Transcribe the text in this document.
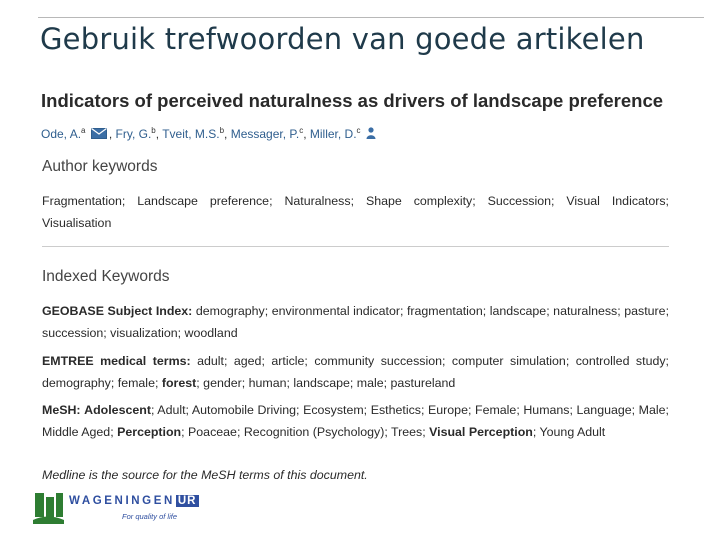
Gebruik trefwoorden van goede artikelen
Indicators of perceived naturalness as drivers of landscape preference
Ode, A.$^a$ , Fry, G.$^b$, Tveit, M.S.$^b$, Messager, P.$^c$, Miller, D.$^c$
Author keywords
Fragmentation; Landscape preference; Naturalness; Shape complexity; Succession; Visual Indicators; Visualisation
Indexed Keywords
GEOBASE Subject Index: demography; environmental indicator; fragmentation; landscape; naturalness; pasture; succession; visualization; woodland
EMTREE medical terms: adult; aged; article; community succession; computer simulation; controlled study; demography; female; forest; gender; human; landscape; male; pastureland
MeSH: Adolescent; Adult; Automobile Driving; Ecosystem; Esthetics; Europe; Female; Humans; Language; Male; Middle Aged; Perception; Poaceae; Recognition (Psychology); Trees; Visual Perception; Young Adult
Medline is the source for the MeSH terms of this document.
WAGENINGEN UR
For quality of life
